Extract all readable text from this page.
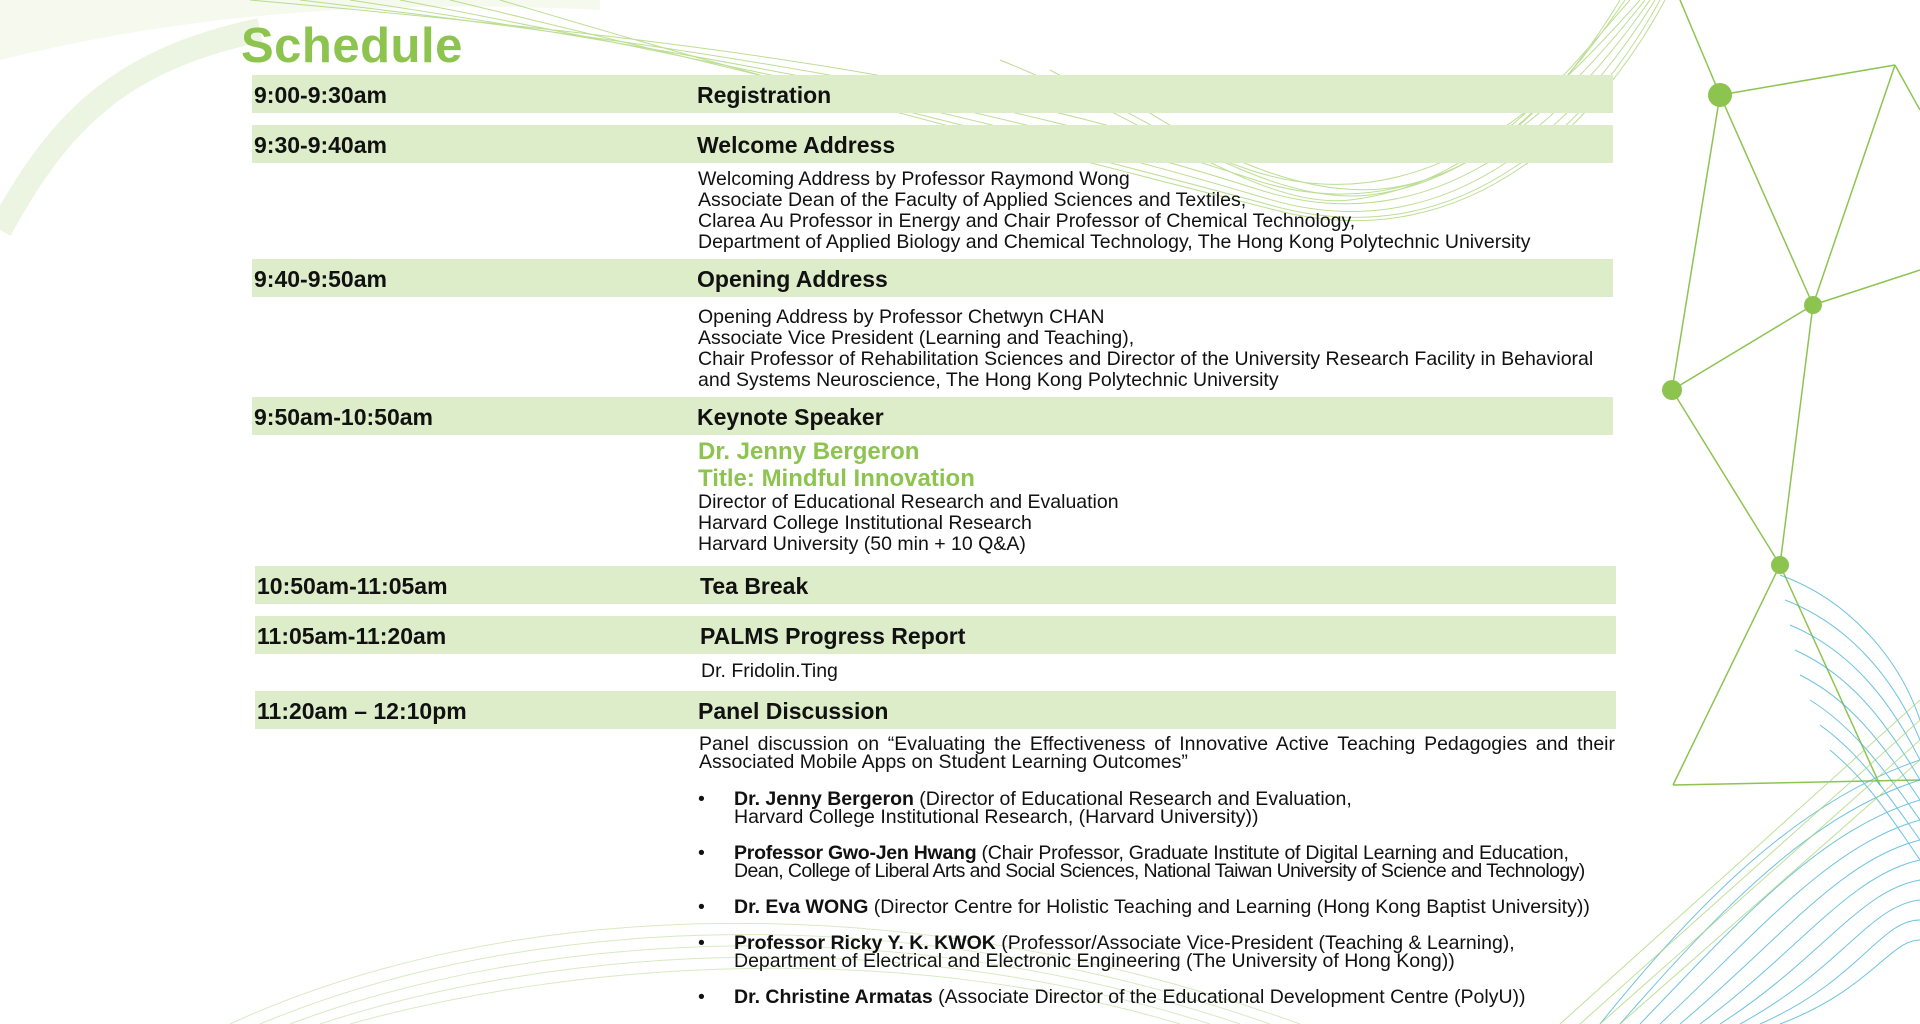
Schedule
9:00-9:30am	Registration
9:30-9:40am	Welcome Address
Welcoming Address by Professor Raymond Wong
Associate Dean of the Faculty of Applied Sciences and Textiles,
Clarea Au Professor in Energy and Chair Professor of Chemical Technology,
Department of Applied Biology and Chemical Technology, The Hong Kong Polytechnic University
9:40-9:50am	Opening Address
Opening Address by Professor Chetwyn CHAN
Associate Vice President (Learning and Teaching),
Chair Professor of Rehabilitation Sciences and Director of the University Research Facility in Behavioral
and Systems Neuroscience, The Hong Kong Polytechnic University
9:50am-10:50am	Keynote Speaker
Dr. Jenny Bergeron
Title: Mindful Innovation
Director of Educational Research and Evaluation
Harvard College Institutional Research
Harvard University (50 min + 10 Q&A)
10:50am-11:05am	Tea Break
11:05am-11:20am	PALMS Progress Report
Dr. Fridolin.Ting
11:20am – 12:10pm	Panel Discussion
Panel discussion on “Evaluating the Effectiveness of Innovative Active Teaching Pedagogies and their Associated Mobile Apps on Student Learning Outcomes”
• Dr. Jenny Bergeron (Director of Educational Research and Evaluation,
Harvard College Institutional Research, (Harvard University))
• Professor Gwo-Jen Hwang (Chair Professor, Graduate Institute of Digital Learning and Education,
Dean, College of Liberal Arts and Social Sciences, National Taiwan University of Science and Technology)
• Dr. Eva WONG (Director Centre for Holistic Teaching and Learning (Hong Kong Baptist University))
• Professor Ricky Y. K. KWOK (Professor/Associate Vice-President (Teaching & Learning),
Department of Electrical and Electronic Engineering (The University of Hong Kong))
• Dr. Christine Armatas (Associate Director of the Educational Development Centre (PolyU))
